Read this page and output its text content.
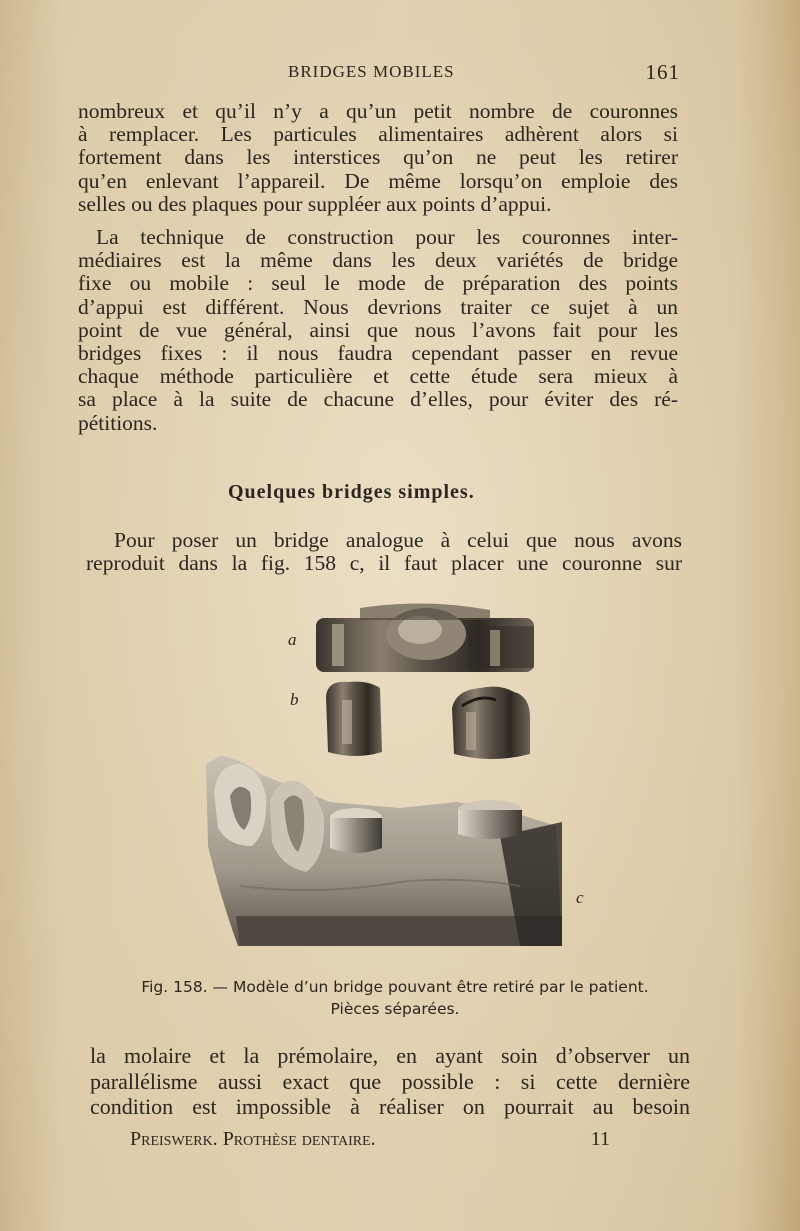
BRIDGES MOBILES	161
nombreux et qu’il n’y a qu’un petit nombre de couronnes
à remplacer. Les particules alimentaires adhèrent alors si
fortement dans les interstices qu’on ne peut les retirer
qu’en enlevant l’appareil. De même lorsqu’on emploie des
selles ou des plaques pour suppléer aux points d’appui.
La technique de construction pour les couronnes inter-
médiaires est la même dans les deux variétés de bridge
fixe ou mobile : seul le mode de préparation des points
d’appui est différent. Nous devrions traiter ce sujet à un
point de vue général, ainsi que nous l’avons fait pour les
bridges fixes : il nous faudra cependant passer en revue
chaque méthode particulière et cette étude sera mieux à
sa place à la suite de chacune d’elles, pour éviter des ré-
pétitions.
Quelques bridges simples.
Pour poser un bridge analogue à celui que nous avons
reproduit dans la fig. 158 c, il faut placer une couronne sur
a
b
c
Fig. 158. — Modèle d’un bridge pouvant être retiré par le patient.
Pièces séparées.
la molaire et la prémolaire, en ayant soin d’observer un
parallélisme aussi exact que possible : si cette dernière
condition est impossible à réaliser on pourrait au besoin
Preiswerk. Prothèse dentaire.	11
